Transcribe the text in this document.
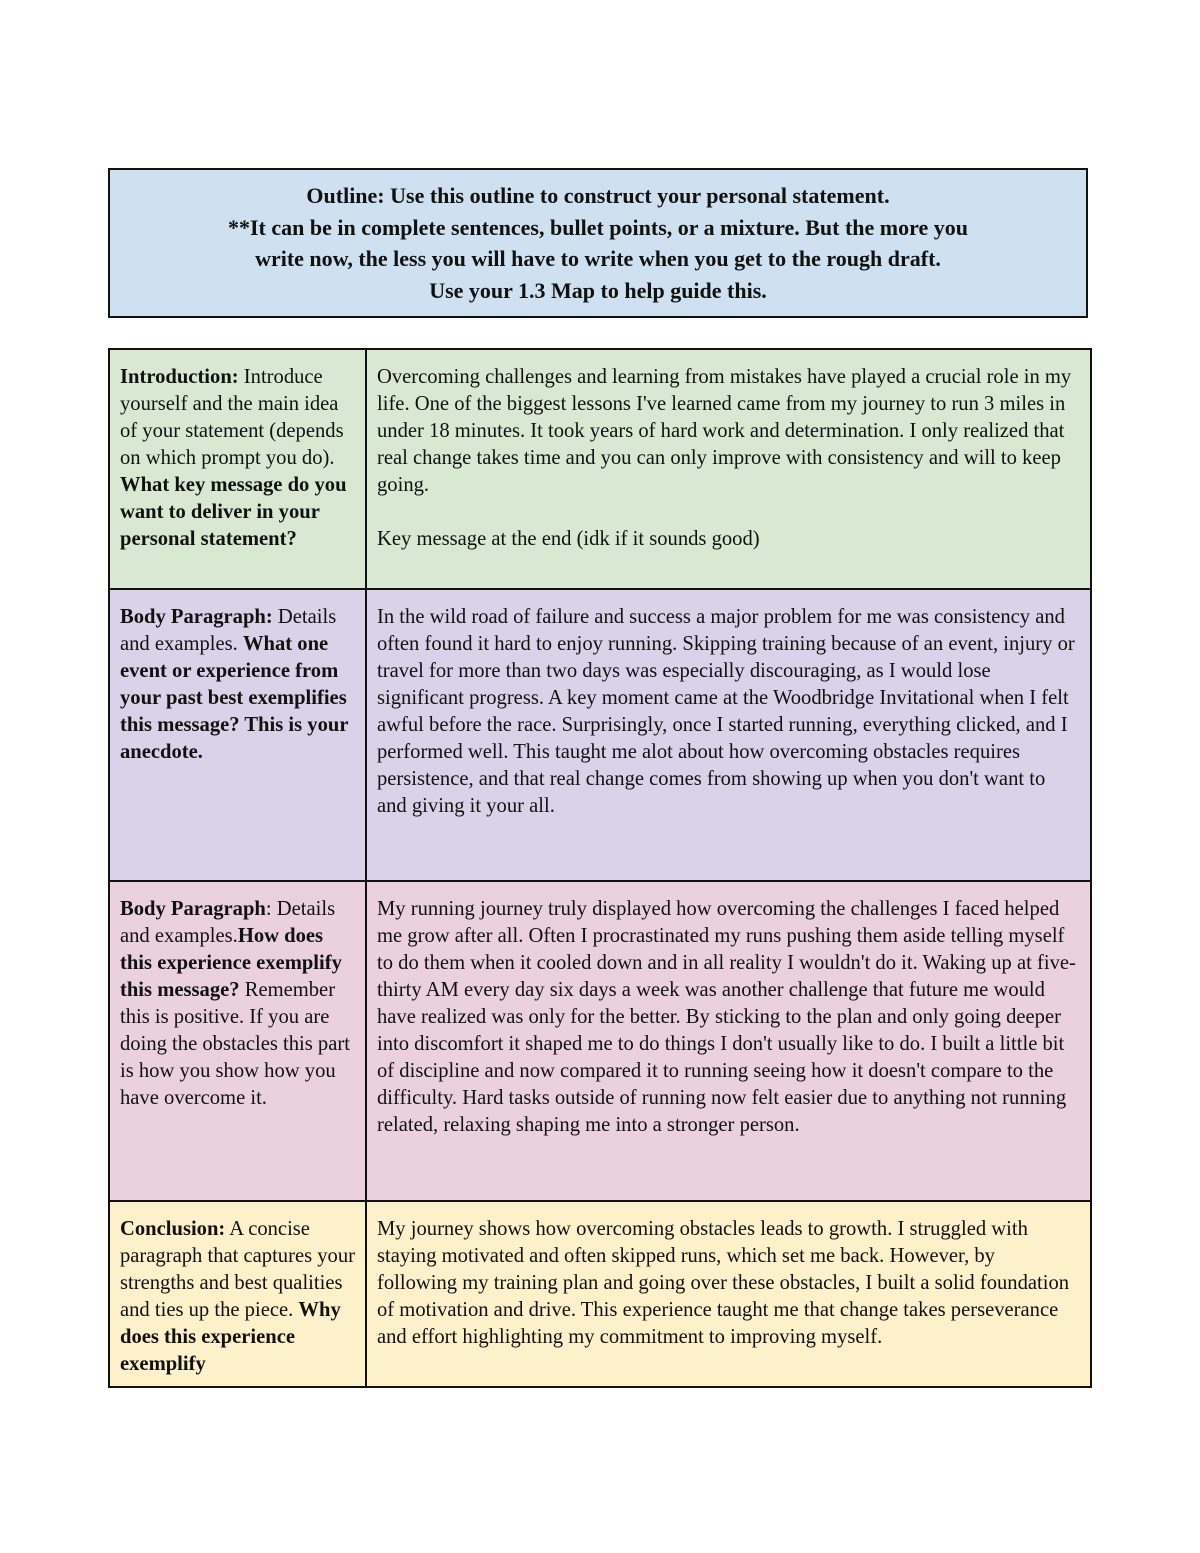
Outline: Use this outline to construct your personal statement.
**It can be in complete sentences, bullet points, or a mixture. But the more you
write now, the less you will have to write when you get to the rough draft.
Use your 1.3 Map to help guide this.
Introduction: Introduce yourself and the main idea of your statement (depends on which prompt you do). What key message do you want to deliver in your personal statement?	Overcoming challenges and learning from mistakes have played a crucial role in my life. One of the biggest lessons I've learned came from my journey to run 3 miles in under 18 minutes. It took years of hard work and determination. I only realized that real change takes time and you can only improve with consistency and will to keep going.

Key message at the end (idk if it sounds good)

Body Paragraph: Details and examples. What one event or experience from your past best exemplifies this message? This is your anecdote.	In the wild road of failure and success a major problem for me was consistency and often found it hard to enjoy running. Skipping training because of an event, injury or travel for more than two days was especially discouraging, as I would lose significant progress. A key moment came at the Woodbridge Invitational when I felt awful before the race. Surprisingly, once I started running, everything clicked, and I performed well. This taught me alot about how overcoming obstacles requires persistence, and that real change comes from showing up when you don't want to and giving it your all.

Body Paragraph: Details and examples.How does this experience exemplify this message? Remember this is positive. If you are doing the obstacles this part is how you show how you have overcome it.	My running journey truly displayed how overcoming the challenges I faced helped me grow after all. Often I procrastinated my runs pushing them aside telling myself to do them when it cooled down and in all reality I wouldn't do it. Waking up at five-thirty AM every day six days a week was another challenge that future me would have realized was only for the better. By sticking to the plan and only going deeper into discomfort it shaped me to do things I don't usually like to do. I built a little bit of discipline and now compared it to running seeing how it doesn't compare to the difficulty. Hard tasks outside of running now felt easier due to anything not running related, relaxing shaping me into a stronger person.

Conclusion: A concise paragraph that captures your strengths and best qualities and ties up the piece. Why does this experience exemplify	My journey shows how overcoming obstacles leads to growth. I struggled with staying motivated and often skipped runs, which set me back. However, by following my training plan and going over these obstacles, I built a solid foundation of motivation and drive. This experience taught me that change takes perseverance and effort highlighting my commitment to improving myself.
